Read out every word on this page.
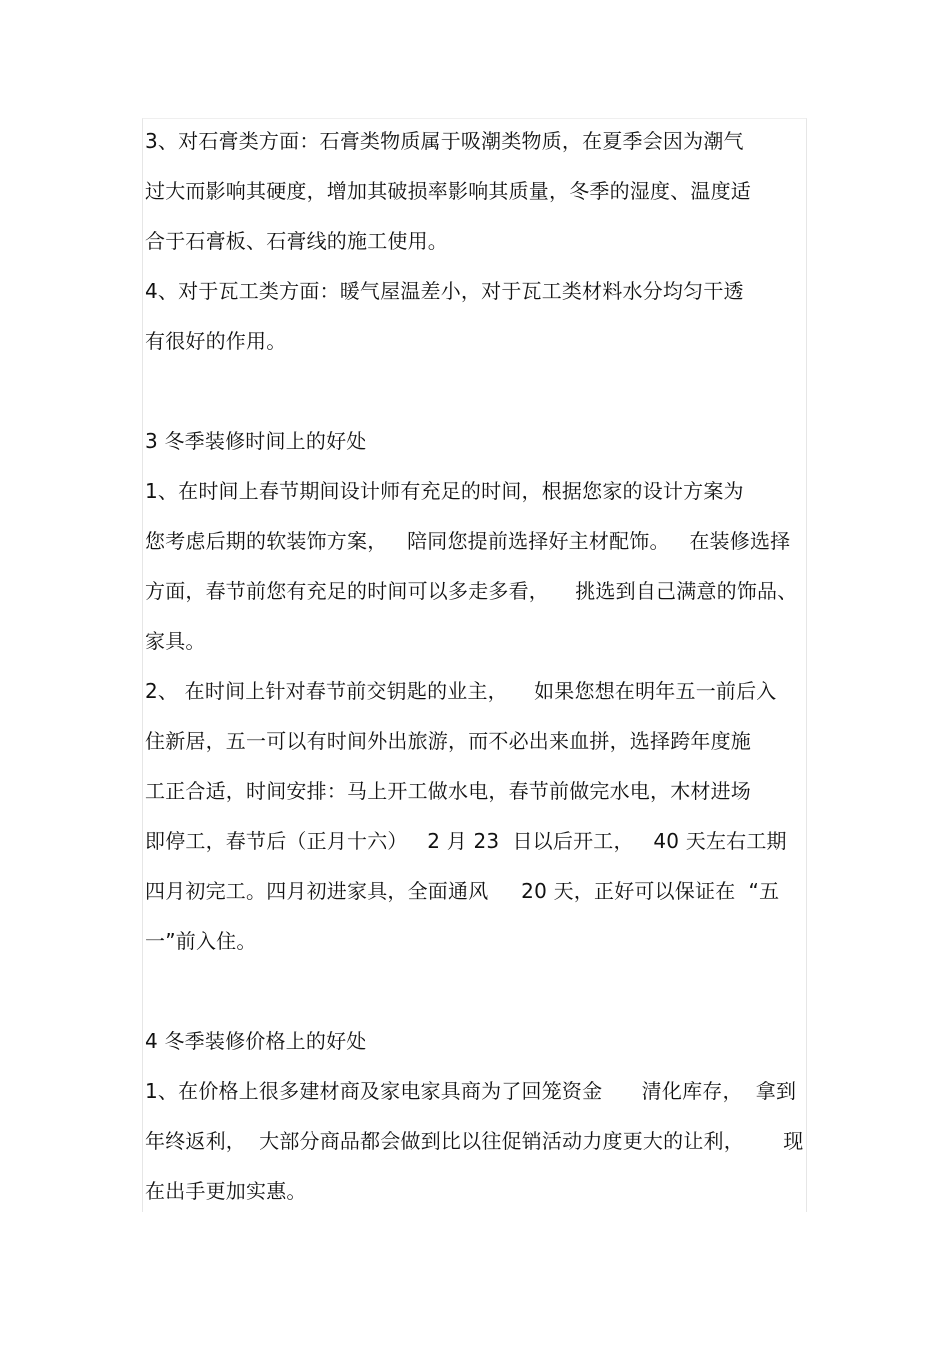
3、对石膏类方面：石膏类物质属于吸潮类物质，在夏季会因为潮气
过大而影响其硬度，增加其破损率影响其质量，冬季的湿度、温度适
合于石膏板、石膏线的施工使用。
4、对于瓦工类方面：暖气屋温差小，对于瓦工类材料水分均匀干透
有很好的作用。
3 冬季装修时间上的好处
1、在时间上春节期间设计师有充足的时间，根据您家的设计方案为
您考虑后期的软装饰方案，   陪同您提前选择好主材配饰。   在装修选择
方面，春节前您有充足的时间可以多走多看，    挑选到自己满意的饰品、
家具。
2、 在时间上针对春节前交钥匙的业主，    如果您想在明年五一前后入
住新居，五一可以有时间外出旅游，而不必出来血拼，选择跨年度施
工正合适，时间安排：马上开工做水电，春节前做完水电，木材进场
即停工，春节后（正月十六）   2 月 23  日以后开工，   40 天左右工期
四月初完工。四月初进家具，全面通风     20 天，正好可以保证在  “五
一”前入住。
4 冬季装修价格上的好处
1、在价格上很多建材商及家电家具商为了回笼资金      清化库存，  拿到
年终返利，  大部分商品都会做到比以往促销活动力度更大的让利，      现
在出手更加实惠。
